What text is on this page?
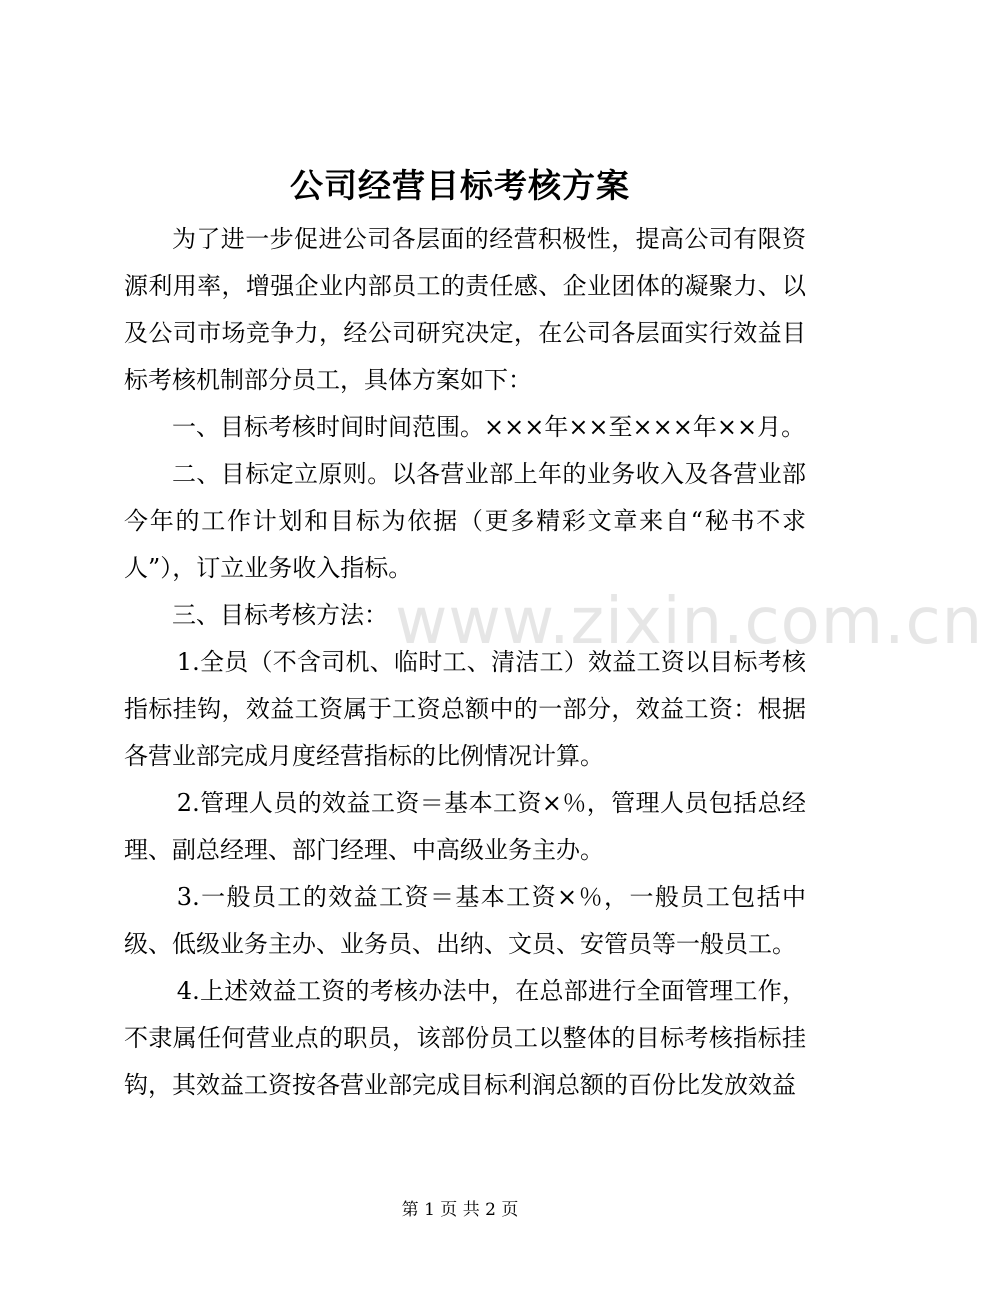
公司经营目标考核方案

为了进一步促进公司各层面的经营积极性，提高公司有限资源利用率，增强企业内部员工的责任感、企业团体的凝聚力、以及公司市场竞争力，经公司研究决定，在公司各层面实行效益目标考核机制部分员工，具体方案如下：

一、目标考核时间时间范围。×××年××至×××年××月。

二、目标定立原则。以各营业部上年的业务收入及各营业部今年的工作计划和目标为依据（更多精彩文章来自“秘书不求人”），订立业务收入指标。

三、目标考核方法：

1.全员（不含司机、临时工、清洁工）效益工资以目标考核指标挂钩，效益工资属于工资总额中的一部分，效益工资：根据各营业部完成月度经营指标的比例情况计算。

2.管理人员的效益工资＝基本工资×％，管理人员包括总经理、副总经理、部门经理、中高级业务主办。

3.一般员工的效益工资＝基本工资×％，一般员工包括中级、低级业务主办、业务员、出纳、文员、安管员等一般员工。

4.上述效益工资的考核办法中，在总部进行全面管理工作，不隶属任何营业点的职员，该部份员工以整体的目标考核指标挂钩，其效益工资按各营业部完成目标利润总额的百份比发放效益

www.zixin.com.cn
第 1 页 共 2 页
